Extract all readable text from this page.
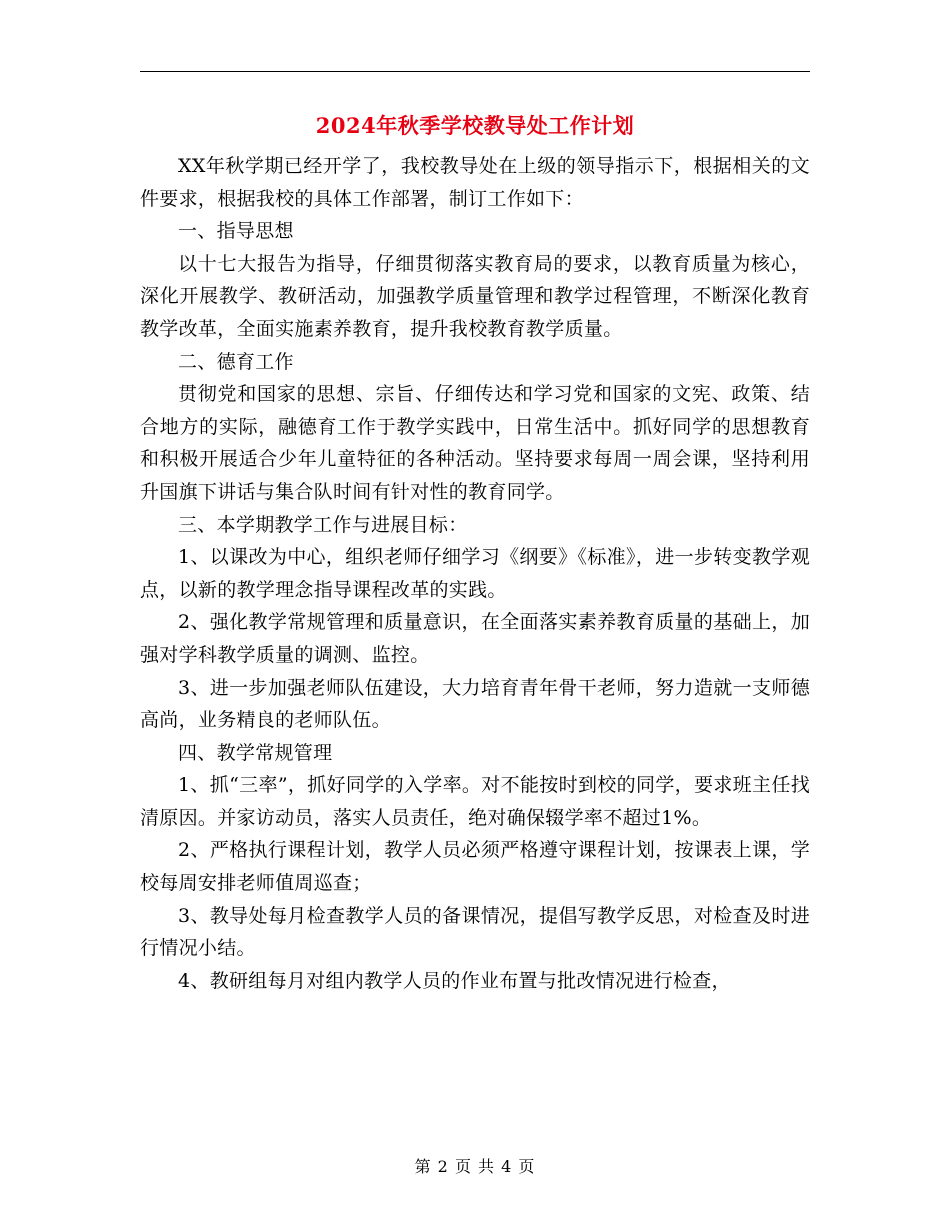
2024年秋季学校教导处工作计划

XX年秋学期已经开学了，我校教导处在上级的领导指示下，根据相关的文件要求，根据我校的具体工作部署，制订工作如下：

一、指导思想

以十七大报告为指导，仔细贯彻落实教育局的要求，以教育质量为核心，深化开展教学、教研活动，加强教学质量管理和教学过程管理，不断深化教育教学改革，全面实施素养教育，提升我校教育教学质量。

二、德育工作

贯彻党和国家的思想、宗旨、仔细传达和学习党和国家的文宪、政策、结合地方的实际，融德育工作于教学实践中，日常生活中。抓好同学的思想教育和积极开展适合少年儿童特征的各种活动。坚持要求每周一周会课，坚持利用升国旗下讲话与集合队时间有针对性的教育同学。

三、本学期教学工作与进展目标：

1、以课改为中心，组织老师仔细学习《纲要》《标准》，进一步转变教学观点，以新的教学理念指导课程改革的实践。

2、强化教学常规管理和质量意识，在全面落实素养教育质量的基础上，加强对学科教学质量的调测、监控。

3、进一步加强老师队伍建设，大力培育青年骨干老师，努力造就一支师德高尚，业务精良的老师队伍。

四、教学常规管理

1、抓“三率”，抓好同学的入学率。对不能按时到校的同学，要求班主任找清原因。并家访动员，落实人员责任，绝对确保辍学率不超过1%。

2、严格执行课程计划，教学人员必须严格遵守课程计划，按课表上课，学校每周安排老师值周巡查；

3、教导处每月检查教学人员的备课情况，提倡写教学反思，对检查及时进行情况小结。

4、教研组每月对组内教学人员的作业布置与批改情况进行检查，

第 2 页 共 4 页
